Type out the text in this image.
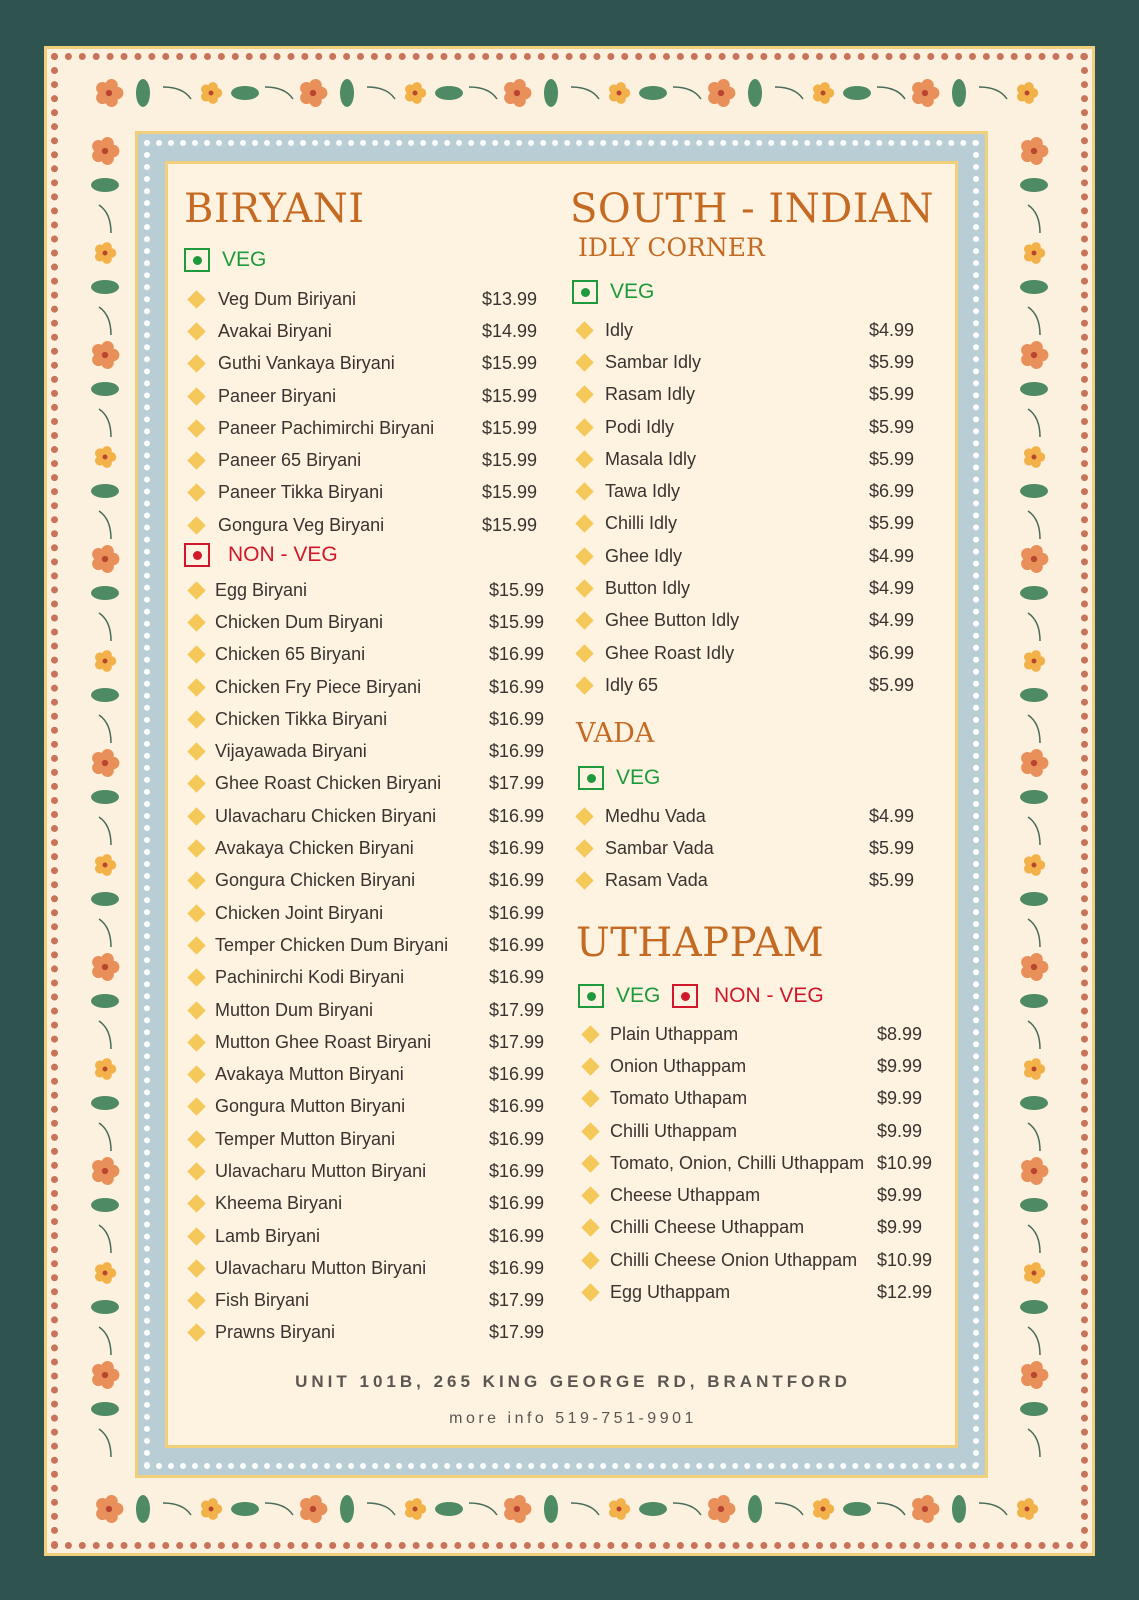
BIRYANI
VEG
Veg Dum Biriyani	$13.99
Avakai Biryani	$14.99
Guthi Vankaya Biryani	$15.99
Paneer Biryani	$15.99
Paneer Pachimirchi Biryani	$15.99
Paneer 65 Biryani	$15.99
Paneer Tikka Biryani	$15.99
Gongura Veg Biryani	$15.99
NON - VEG
Egg Biryani	$15.99
Chicken Dum Biryani	$15.99
Chicken 65 Biryani	$16.99
Chicken Fry Piece Biryani	$16.99
Chicken Tikka Biryani	$16.99
Vijayawada Biryani	$16.99
Ghee Roast Chicken Biryani	$17.99
Ulavacharu Chicken Biryani	$16.99
Avakaya Chicken Biryani	$16.99
Gongura Chicken Biryani	$16.99
Chicken Joint Biryani	$16.99
Temper Chicken Dum Biryani $16.99
Pachinirchi Kodi Biryani	$16.99
Mutton Dum Biryani	$17.99
Mutton Ghee Roast Biryani	$17.99
Avakaya Mutton Biryani	$16.99
Gongura Mutton Biryani	$16.99
Temper Mutton Biryani	$16.99
Ulavacharu Mutton Biryani	$16.99
Kheema Biryani	$16.99
Lamb Biryani	$16.99
Ulavacharu Mutton Biryani	$16.99
Fish Biryani	$17.99
Prawns Biryani	$17.99
SOUTH - INDIAN
IDLY CORNER
VEG
Idly	$4.99
Sambar Idly	$5.99
Rasam Idly	$5.99
Podi Idly	$5.99
Masala Idly	$5.99
Tawa Idly	$6.99
Chilli Idly	$5.99
Ghee Idly	$4.99
Button Idly	$4.99
Ghee Button Idly	$4.99
Ghee Roast Idly	$6.99
Idly 65	$5.99
VADA
VEG
Medhu Vada	$4.99
Sambar Vada	$5.99
Rasam Vada	$5.99
UTHAPPAM
VEG	NON - VEG
Plain Uthappam	$8.99
Onion Uthappam	$9.99
Tomato Uthapam	$9.99
Chilli Uthappam	$9.99
Tomato, Onion, Chilli Uthappam $10.99
Cheese Uthappam	$9.99
Chilli Cheese Uthappam	$9.99
Chilli Cheese Onion Uthappam $10.99
Egg Uthappam	$12.99
UNIT 101B, 265 KING GEORGE RD, BRANTFORD
more info 519-751-9901
